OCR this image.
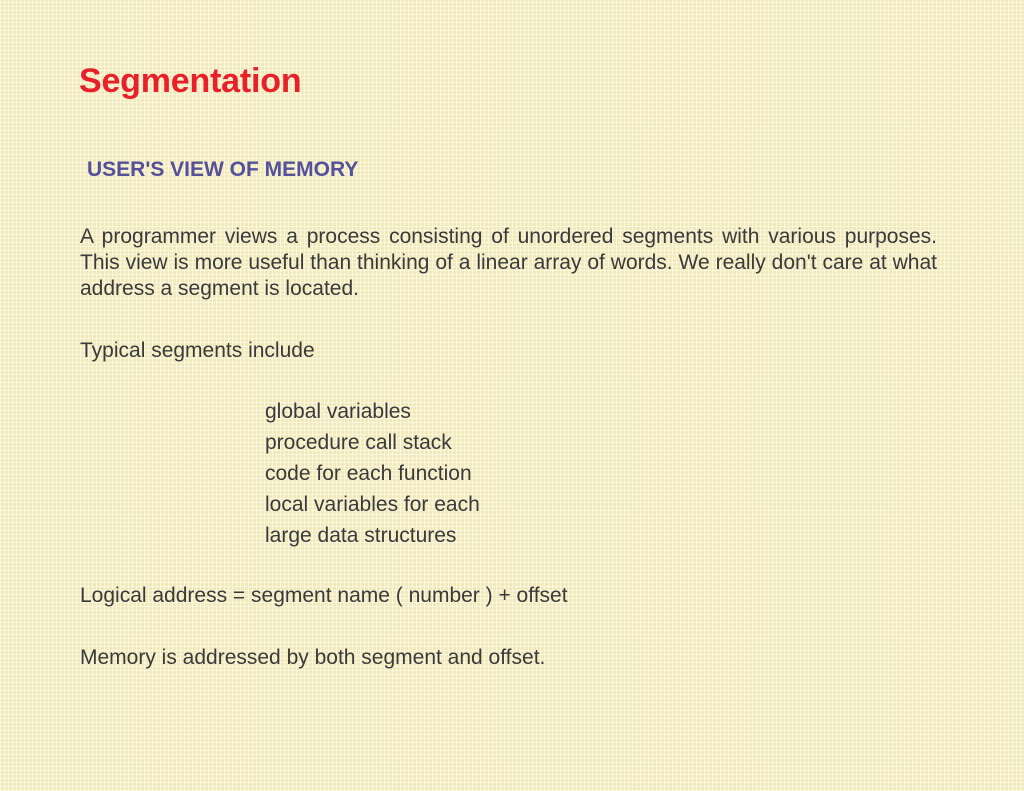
Segmentation
USER'S VIEW OF MEMORY

A programmer views a process consisting of unordered segments with various purposes. This view is more useful than thinking of a linear array of words. We really don't care at what address a segment is located.

Typical segments include

global variables
procedure call stack
code for each function
local variables for each
large data structures

Logical address = segment name ( number ) + offset

Memory is addressed by both segment and offset.
